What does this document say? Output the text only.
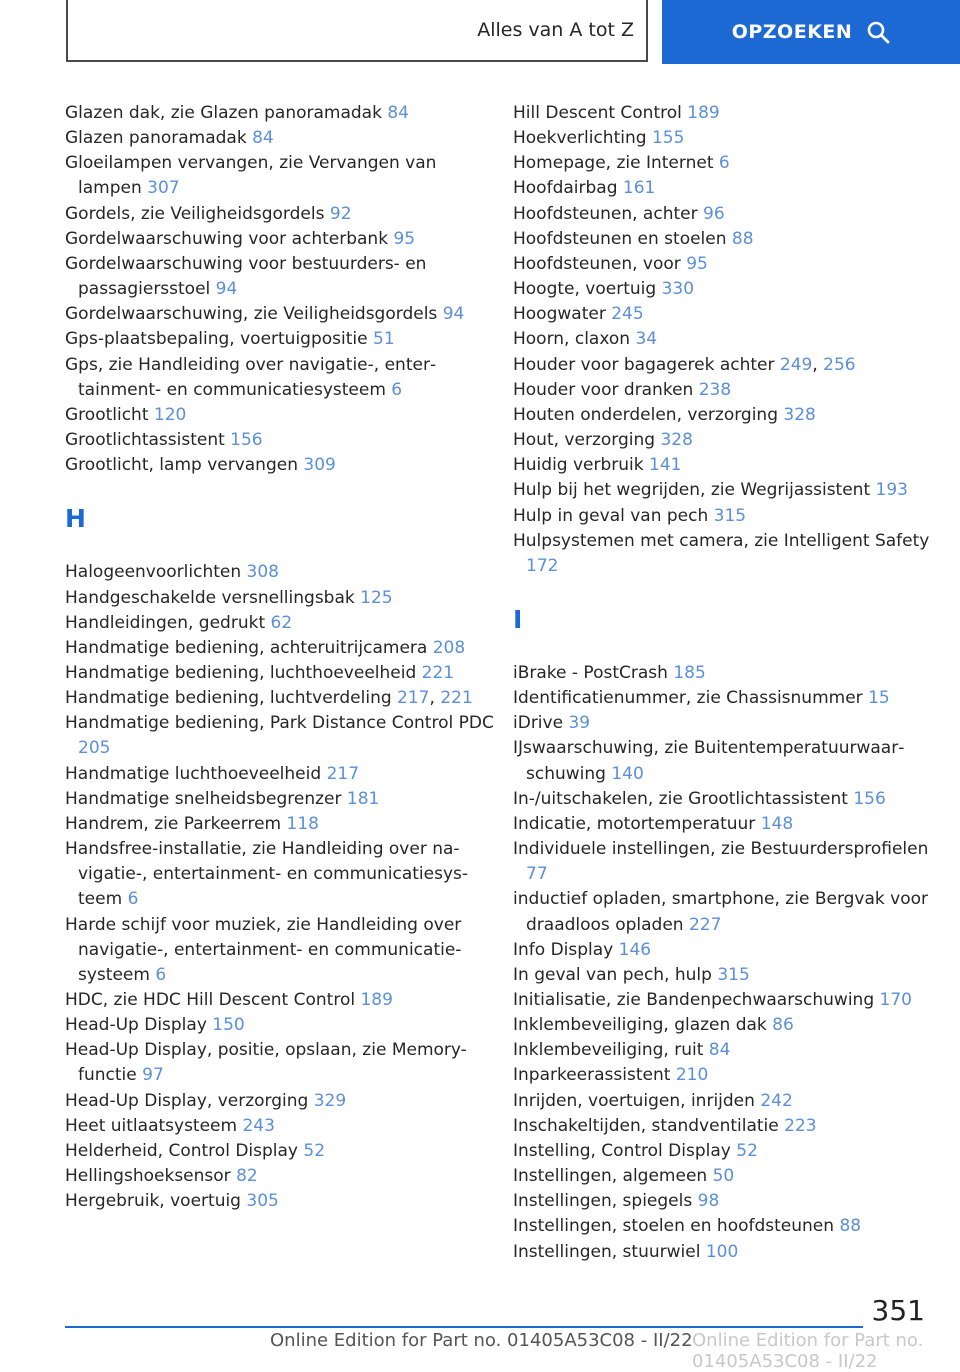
Alles van A tot Z	OPZOEKEN
Glazen dak, zie Glazen panoramadak 84
Glazen panoramadak 84
Gloeilampen vervangen, zie Vervangen van lampen 307
Gordels, zie Veiligheidsgordels 92
Gordelwaarschuwing voor achterbank 95
Gordelwaarschuwing voor bestuurders- en passagiersstoel 94
Gordelwaarschuwing, zie Veiligheidsgordels 94
Gps-plaatsbepaling, voertuigpositie 51
Gps, zie Handleiding over navigatie-, entertainment- en communicatiesysteem 6
Grootlicht 120
Grootlichtassistent 156
Grootlicht, lamp vervangen 309
H
Halogeenvoorlichten 308
Handgeschakelde versnellingsbak 125
Handleidingen, gedrukt 62
Handmatige bediening, achteruitrijcamera 208
Handmatige bediening, luchthoeveelheid 221
Handmatige bediening, luchtverdeling 217, 221
Handmatige bediening, Park Distance Control PDC 205
Handmatige luchthoeveelheid 217
Handmatige snelheidsbegrenzer 181
Handrem, zie Parkeerrem 118
Handsfree-installatie, zie Handleiding over navigatie-, entertainment- en communicatiesysteem 6
Harde schijf voor muziek, zie Handleiding over navigatie-, entertainment- en communicatiesysteem 6
HDC, zie HDC Hill Descent Control 189
Head-Up Display 150
Head-Up Display, positie, opslaan, zie Memory-functie 97
Head-Up Display, verzorging 329
Heet uitlaatsysteem 243
Helderheid, Control Display 52
Hellingshoeksensor 82
Hergebruik, voertuig 305
Hill Descent Control 189
Hoekverlichting 155
Homepage, zie Internet 6
Hoofdairbag 161
Hoofdsteunen, achter 96
Hoofdsteunen en stoelen 88
Hoofdsteunen, voor 95
Hoogte, voertuig 330
Hoogwater 245
Hoorn, claxon 34
Houder voor bagagerek achter 249, 256
Houder voor dranken 238
Houten onderdelen, verzorging 328
Hout, verzorging 328
Huidig verbruik 141
Hulp bij het wegrijden, zie Wegrijassistent 193
Hulp in geval van pech 315
Hulpsystemen met camera, zie Intelligent Safety 172
I
iBrake - PostCrash 185
Identificatienummer, zie Chassisnummer 15
iDrive 39
IJswaarschuwing, zie Buitentemperatuurwaarschuwing 140
In-/uitschakelen, zie Grootlichtassistent 156
Indicatie, motortemperatuur 148
Individuele instellingen, zie Bestuurdersprofielen 77
inductief opladen, smartphone, zie Bergvak voor draadloos opladen 227
Info Display 146
In geval van pech, hulp 315
Initialisatie, zie Bandenpechwaarschuwing 170
Inklembeveiliging, glazen dak 86
Inklembeveiliging, ruit 84
Inparkeerassistent 210
Inrijden, voertuigen, inrijden 242
Inschakeltijden, standventilatie 223
Instelling, Control Display 52
Instellingen, algemeen 50
Instellingen, spiegels 98
Instellingen, stoelen en hoofdsteunen 88
Instellingen, stuurwiel 100
351
Online Edition for Part no. 01405A53C08 - II/22 Online Edition for Part no. 01405A53C08 - II/22
